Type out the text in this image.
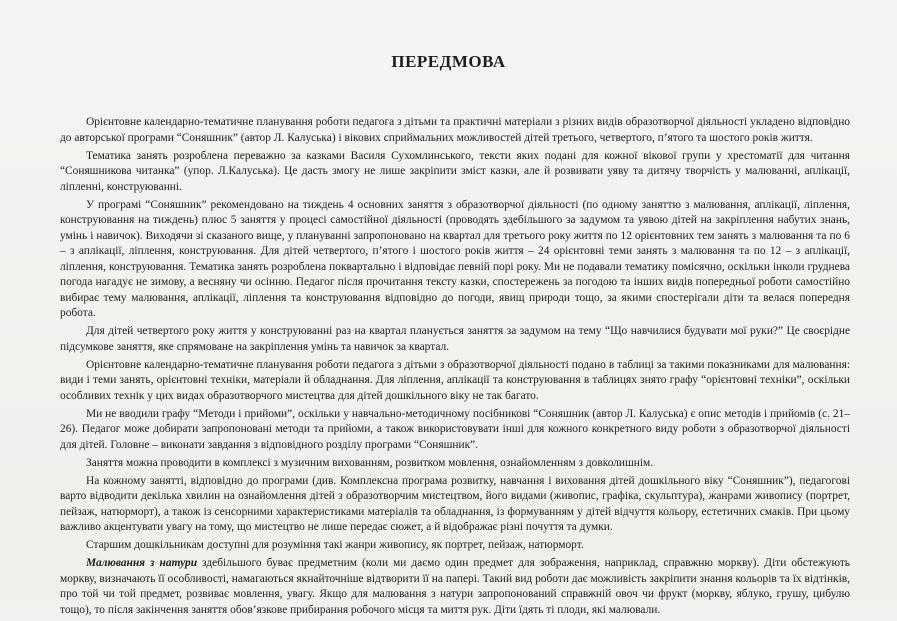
ПЕРЕДМОВА

Орієнтовне календарно-тематичне планування роботи педагога з дітьми та практичні матеріали з різних видів образотворчої діяльності укладено відповідно до авторської програми “Соняшник” (автор Л. Калуська) і вікових сприймальних можливостей дітей третього, четвертого, п’ятого та шостого років життя.

Тематика занять розроблена переважно за казками Василя Сухомлинського, тексти яких подані для кожної вікової групи у хрестоматії для читання “Соняшникова читанка” (упор. Л.Калуська). Це дасть змогу не лише закріпити зміст казки, але й розвивати уяву та дитячу творчість у малюванні, аплікації, ліпленні, конструюванні.

У програмі “Соняшник” рекомендовано на тиждень 4 основних заняття з образотворчої діяльності (по одному заняттю з малювання, аплікації, ліплення, конструювання на тиждень) плюс 5 заняття у процесі самостійної діяльності (проводять здебільшого за задумом та уявою дітей на закріплення набутих знань, умінь і навичок). Виходячи зі сказаного вище, у плануванні запропоновано на квартал для третього року життя по 12 орієнтовних тем занять з малювання та по 6 – з аплікації, ліплення, конструювання. Для дітей четвертого, п’ятого і шостого років життя – 24 орієнтовні теми занять з малювання та по 12 – з аплікації, ліплення, конструювання. Тематика занять розроблена поквартально і відповідає певній порі року. Ми не подавали тематику помісячно, оскільки інколи груднева погода нагадує не зимову, а весняну чи осінню. Педагог після прочитання тексту казки, спостережень за погодою та інших видів попередньої роботи самостійно вибирає тему малювання, аплікації, ліплення та конструювання відповідно до погоди, явищ природи тощо, за якими спостерігали діти та велася попередня робота.

Для дітей четвертого року життя у конструюванні раз на квартал планується заняття за задумом на тему “Що навчилися будувати мої руки?” Це своєрідне підсумкове заняття, яке спрямоване на закріплення умінь та навичок за квартал.

Орієнтовне календарно-тематичне планування роботи педагога з дітьми з образотворчої діяльності подано в таблиці за такими показниками для малювання: види і теми занять, орієнтовні техніки, матеріали й обладнання. Для ліплення, аплікації та конструювання в таблицях знято графу “орієнтовні техніки”, оскільки особливих технік у цих видах образотворчого мистецтва для дітей дошкільного віку не так багато.

Ми не вводили графу “Методи і прийоми”, оскільки у навчально-методичному посібникові “Соняшник (автор Л. Калуська) є опис методів і прийомів (с. 21–26). Педагог може добирати запропоновані методи та прийоми, а також використовувати інші для кожного конкретного виду роботи з образотворчої діяльності для дітей. Головне – виконати завдання з відповідного розділу програми “Соняшник”.

Заняття можна проводити в комплексі з музичним вихованням, розвитком мовлення, ознайомленням з довколишнім.

На кожному занятті, відповідно до програми (див. Комплексна програма розвитку, навчання і виховання дітей дошкільного віку “Соняшник”), педагогові варто відводити декілька хвилин на ознайомлення дітей з образотворчим мистецтвом, його видами (живопис, графіка, скульптура), жанрами живопису (портрет, пейзаж, натюрморт), а також із сенсорними характеристиками матеріалів та обладнання, із формуванням у дітей відчуття кольору, естетичних смаків. При цьому важливо акцентувати увагу на тому, що мистецтво не лише передає сюжет, а й відображає різні почуття та думки.

Старшим дошкільникам доступні для розуміння такі жанри живопису, як портрет, пейзаж, натюрморт.

Малювання з натури здебільшого буває предметним (коли ми даємо один предмет для зображення, наприклад, справжню моркву). Діти обстежують моркву, визначають її особливості, намагаються якнайточніше відтворити її на папері. Такий вид роботи дає можливість закріпити знання кольорів та їх відтінків, про той чи той предмет, розвиває мовлення, увагу. Якщо для малювання з натури запропонований справжній овоч чи фрукт (моркву, яблуко, грушу, цибулю тощо), то після закінчення заняття обов’язкове прибирання робочого місця та миття рук. Діти їдять ті плоди, які малювали.
